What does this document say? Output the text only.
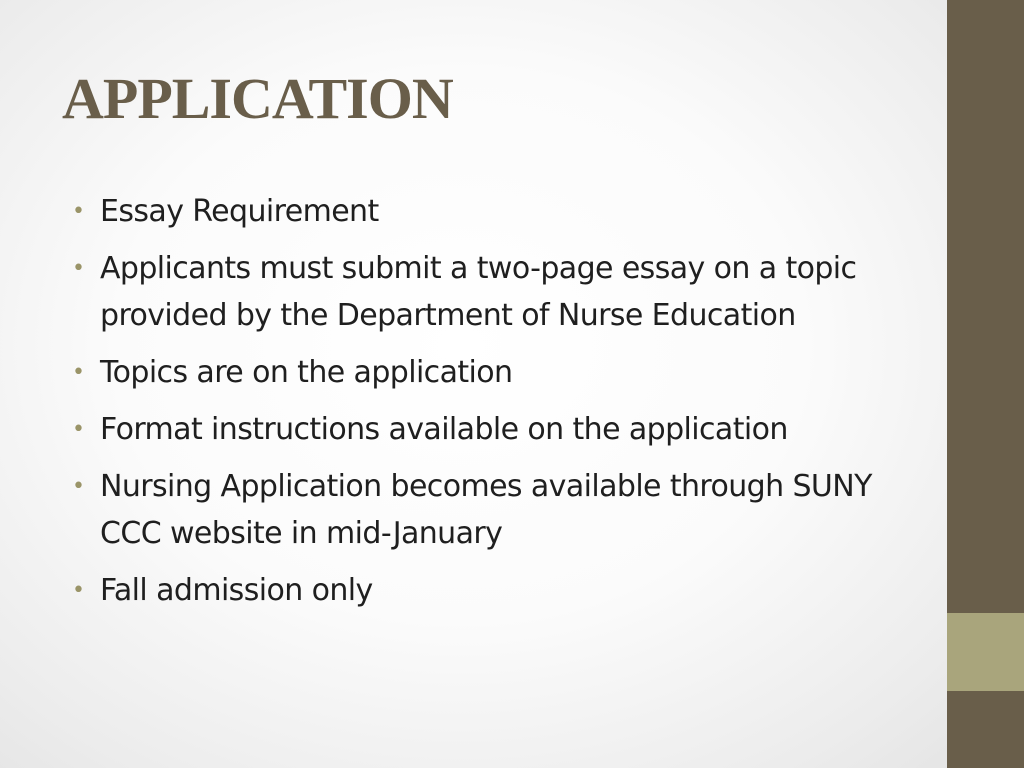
APPLICATION
• Essay Requirement
• Applicants must submit a two-page essay on a topic provided by the Department of Nurse Education
• Topics are on the application
• Format instructions available on the application
• Nursing Application becomes available through SUNY CCC website in mid-January
• Fall admission only
